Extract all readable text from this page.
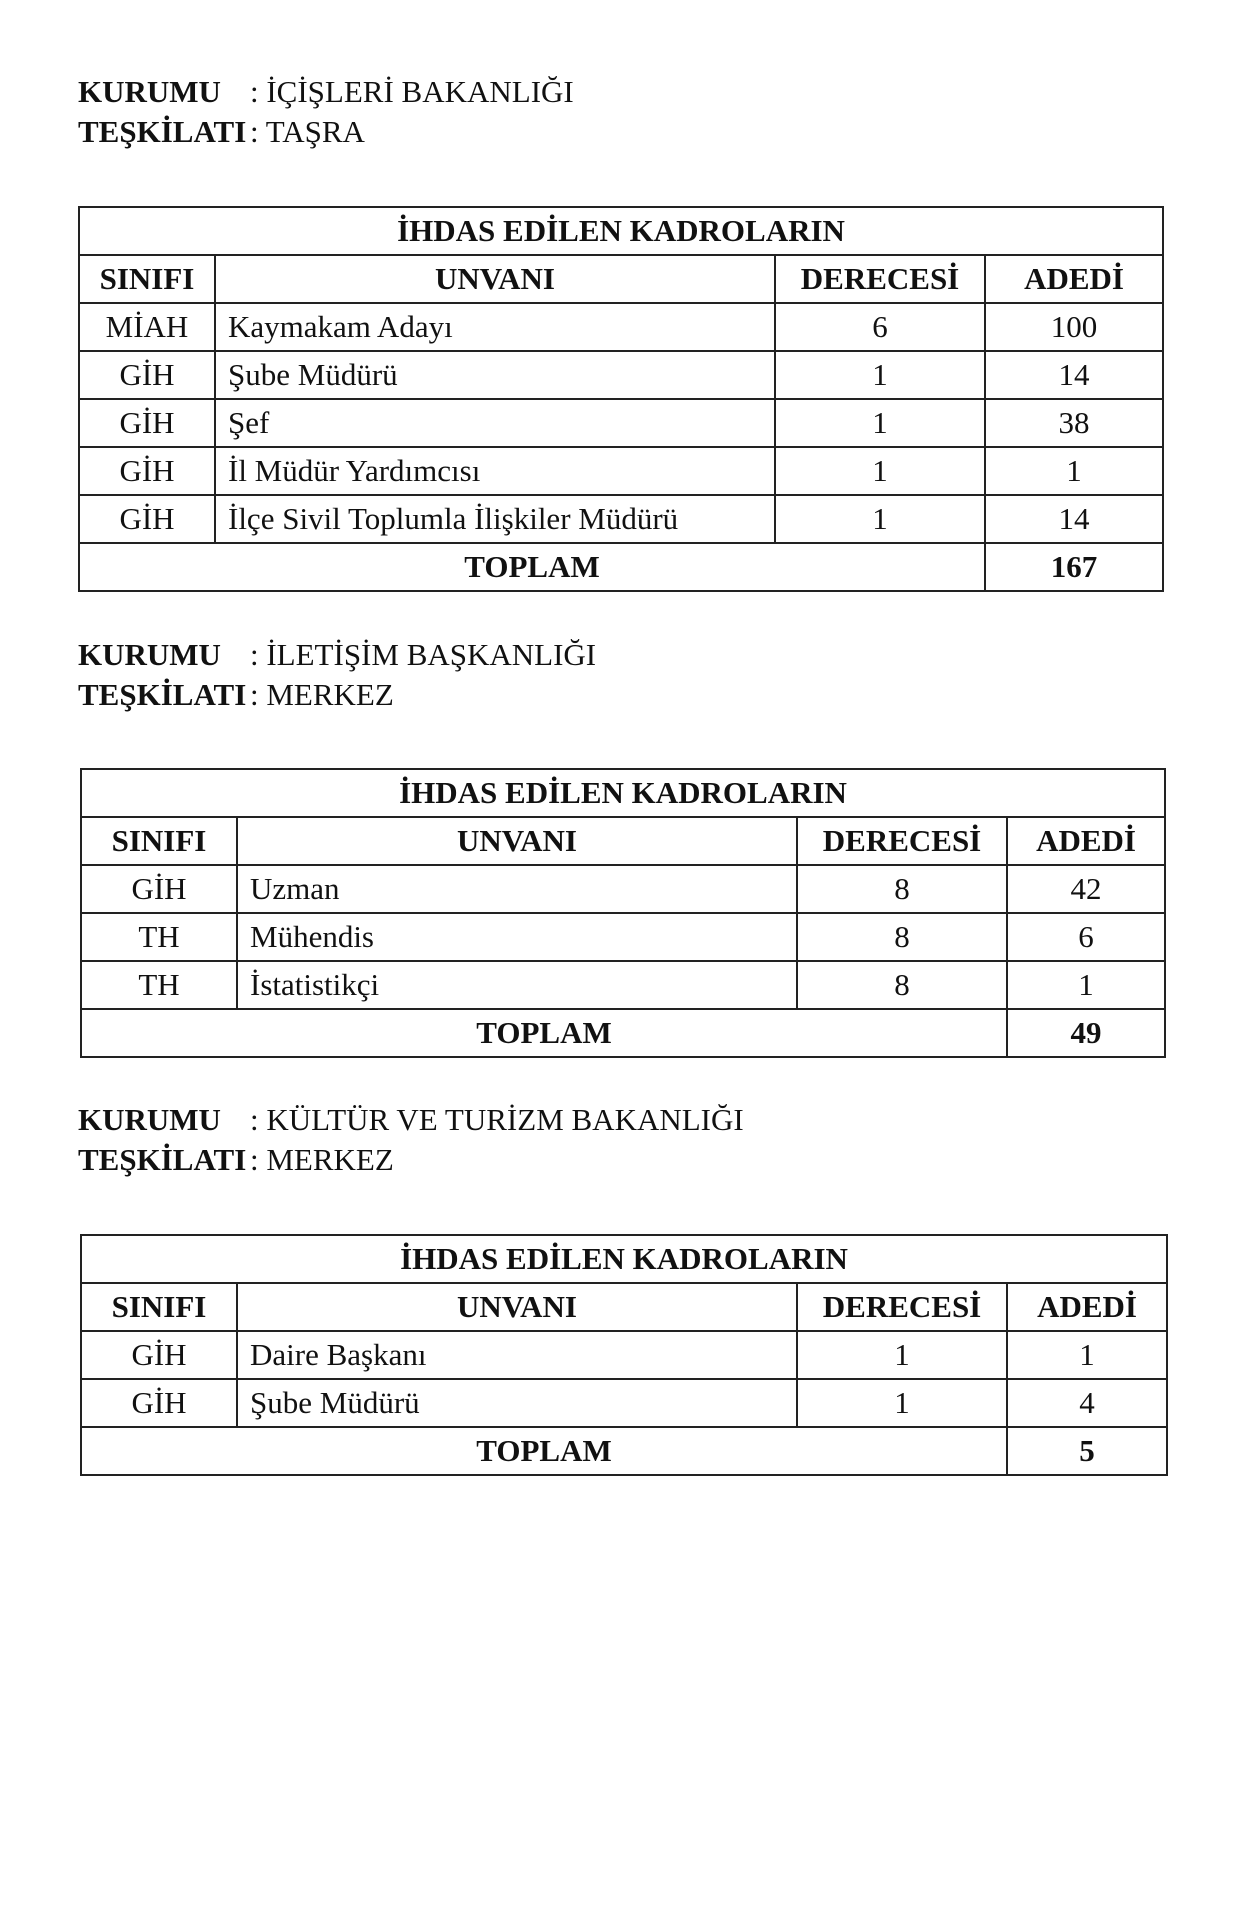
KURUMU : İÇİŞLERİ BAKANLIĞI
TEŞKİLATI : TAŞRA
İHDAS EDİLEN KADROLARIN			
SINIFI	UNVANI	DERECESİ	ADEDİ
MİAH	Kaymakam Adayı	6	100
GİH	Şube Müdürü	1	14
GİH	Şef	1	38
GİH	İl Müdür Yardımcısı	1	1
GİH	İlçe Sivil Toplumla İlişkiler Müdürü	1	14
TOPLAM			167
KURUMU : İLETİŞİM BAŞKANLIĞI
TEŞKİLATI : MERKEZ
İHDAS EDİLEN KADROLARIN			
SINIFI	UNVANI	DERECESİ	ADEDİ
GİH	Uzman	8	42
TH	Mühendis	8	6
TH	İstatistikçi	8	1
TOPLAM			49
KURUMU : KÜLTÜR VE TURİZM BAKANLIĞI
TEŞKİLATI : MERKEZ
İHDAS EDİLEN KADROLARIN			
SINIFI	UNVANI	DERECESİ	ADEDİ
GİH	Daire Başkanı	1	1
GİH	Şube Müdürü	1	4
TOPLAM			5
